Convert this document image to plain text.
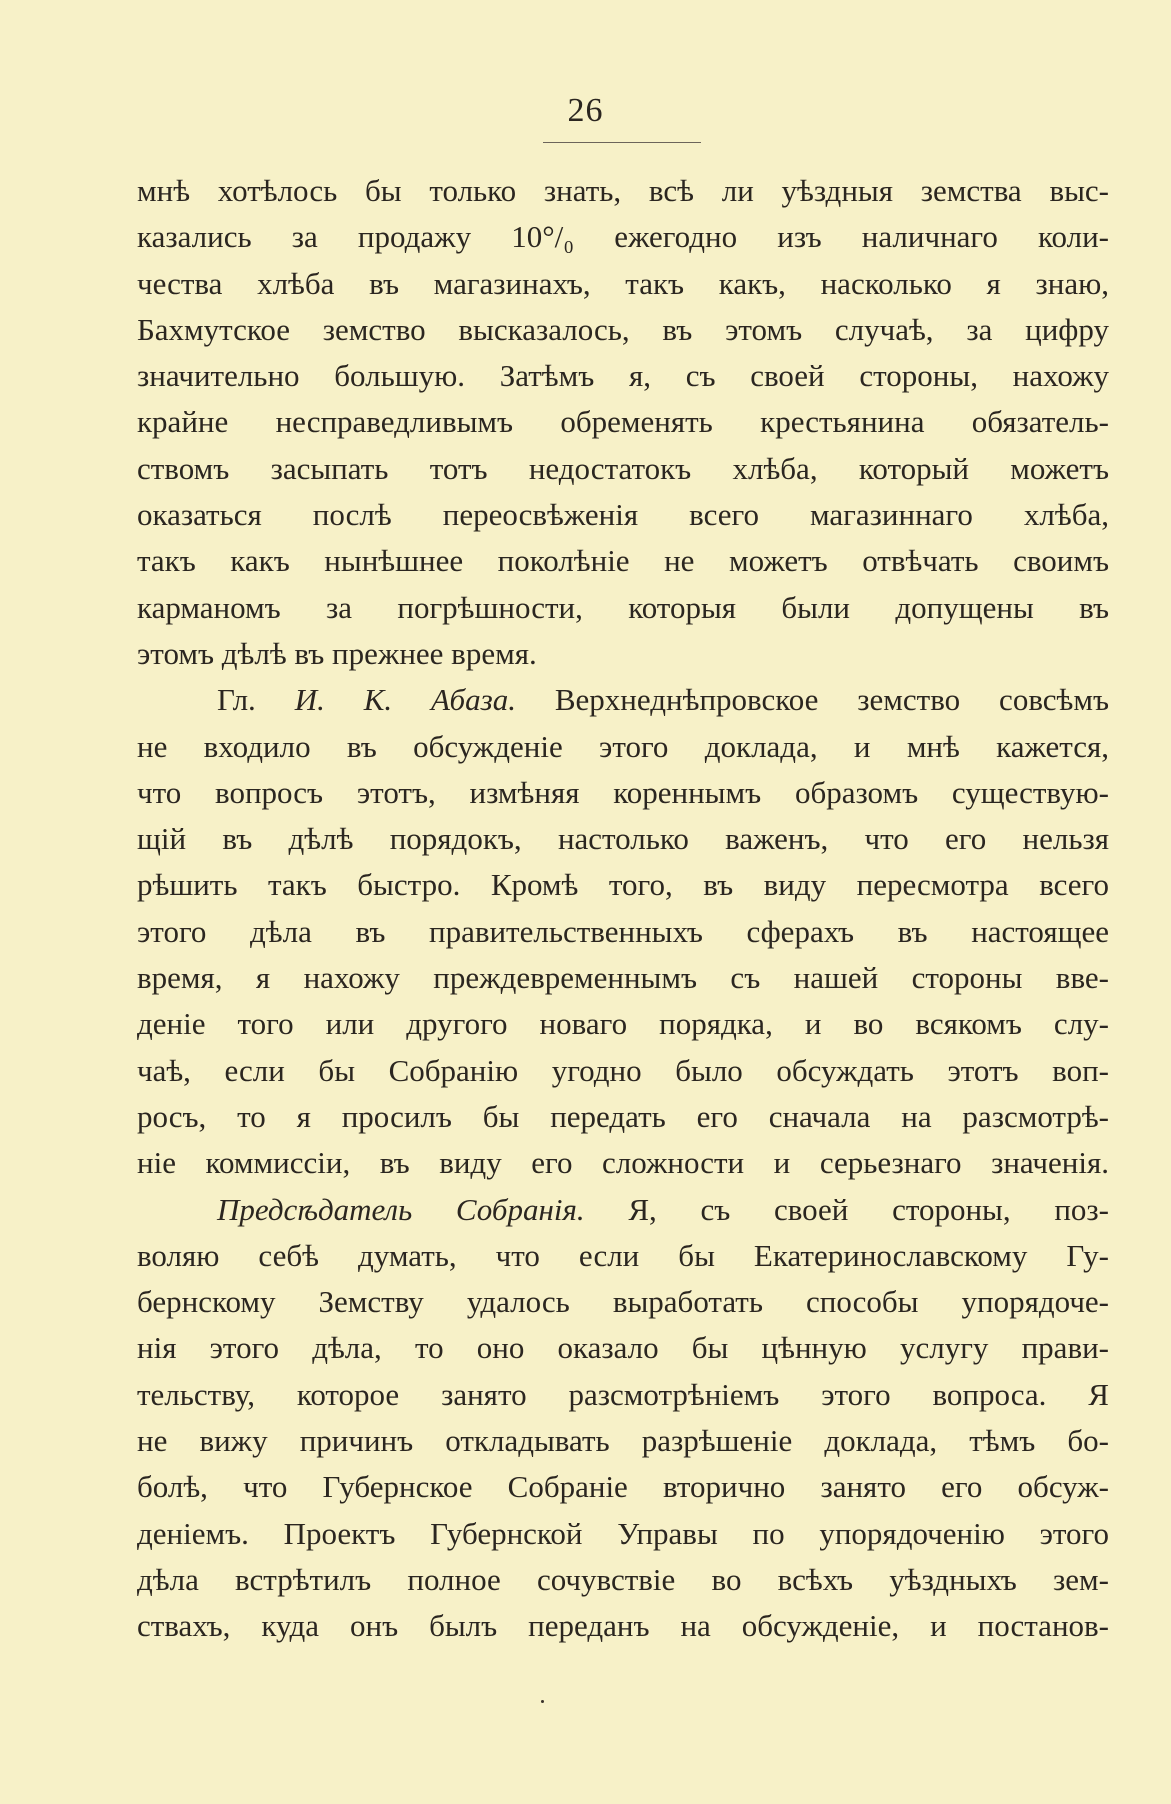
26
мнѣ хотѣлось бы только знать, всѣ ли уѣздныя земства выс-
казались за продажу 10°/₀ ежегодно изъ наличнаго коли-
чества хлѣба въ магазинахъ, такъ какъ, насколько я знаю,
Бахмутское земство высказалось, въ этомъ случаѣ, за цифру
значительно большую. Затѣмъ я, съ своей стороны, нахожу
крайне несправедливымъ обременять крестьянина обязатель-
ствомъ засыпать тотъ недостатокъ хлѣба, который можетъ
оказаться послѣ переосвѣженія всего магазиннаго хлѣба,
такъ какъ нынѣшнее поколѣніе не можетъ отвѣчать своимъ
карманомъ за погрѣшности, которыя были допущены въ
этомъ дѣлѣ въ прежнее время.
Гл. И. К. Абаза. Верхнеднѣпровское земство совсѣмъ
не входило въ обсужденіе этого доклада, и мнѣ кажется,
что вопросъ этотъ, измѣняя кореннымъ образомъ существую-
щій въ дѣлѣ порядокъ, настолько важенъ, что его нельзя
рѣшить такъ быстро. Кромѣ того, въ виду пересмотра всего
этого дѣла въ правительственныхъ сферахъ въ настоящее
время, я нахожу преждевременнымъ съ нашей стороны вве-
деніе того или другого новаго порядка, и во всякомъ слу-
чаѣ, если бы Собранію угодно было обсуждать этотъ воп-
росъ, то я просилъ бы передать его сначала на разсмотрѣ-
ніе коммиссіи, въ виду его сложности и серьезнаго значенія.
Предсѣдатель Собранія. Я, съ своей стороны, поз-
воляю себѣ думать, что если бы Екатеринославскому Гу-
бернскому Земству удалось выработать способы упорядоче-
нія этого дѣла, то оно оказало бы цѣнную услугу прави-
тельству, которое занято разсмотрѣніемъ этого вопроса. Я
не вижу причинъ откладывать разрѣшеніе доклада, тѣмъ бо-
болѣ, что Губернское Собраніе вторично занято его обсуж-
деніемъ. Проектъ Губернской Управы по упорядоченію этого
дѣла встрѣтилъ полное сочувствіе во всѣхъ уѣздныхъ зем-
ствахъ, куда онъ былъ переданъ на обсужденіе, и постанов-
